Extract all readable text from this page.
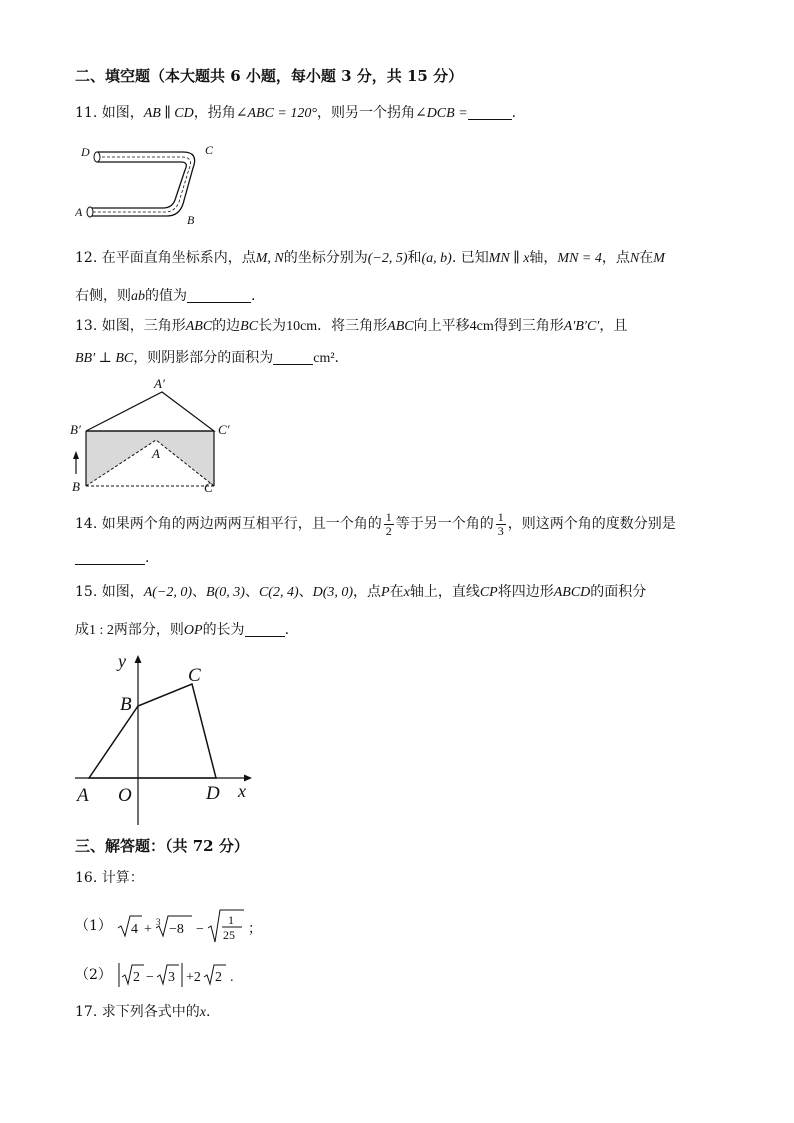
二、填空题（本大题共 6 小题，每小题 3 分，共 15 分）
11. 如图，AB ∥ CD，拐角∠ABC = 120°，则另一个拐角∠DCB =	.
D	C
A
B
12. 在平面直角坐标系内，点M, N的坐标分别为(−2, 5)和(a, b). 已知MN ∥ x轴，MN = 4，点N在M
右侧，则ab的值为	.
13. 如图，三角形ABC的边BC长为10cm．将三角形ABC向上平移4cm得到三角形A′B′C′，且
BB′ ⊥ BC，则阴影部分的面积为	cm².
A′
B′	C′
A
B	C
14. 如果两个角的两边两两互相平行，且一个角的 $\frac{1}{2}$ 等于另一个角的 $\frac{1}{3}$ ，则这两个角的度数分别是
.
15. 如图，A(−2, 0)、B(0, 3)、C(2, 4)、D(3, 0)，点P在x轴上，直线CP将四边形ABCD的面积分
成1 : 2两部分，则OP的长为	.
y
x
A
B
C
D
O
三、解答题：（共 72 分）
16. 计算：
（1） 4 + 3 −8 −
1
25 ；
（2） 2 − 3 +2 2 .
17. 求下列各式中的x.
